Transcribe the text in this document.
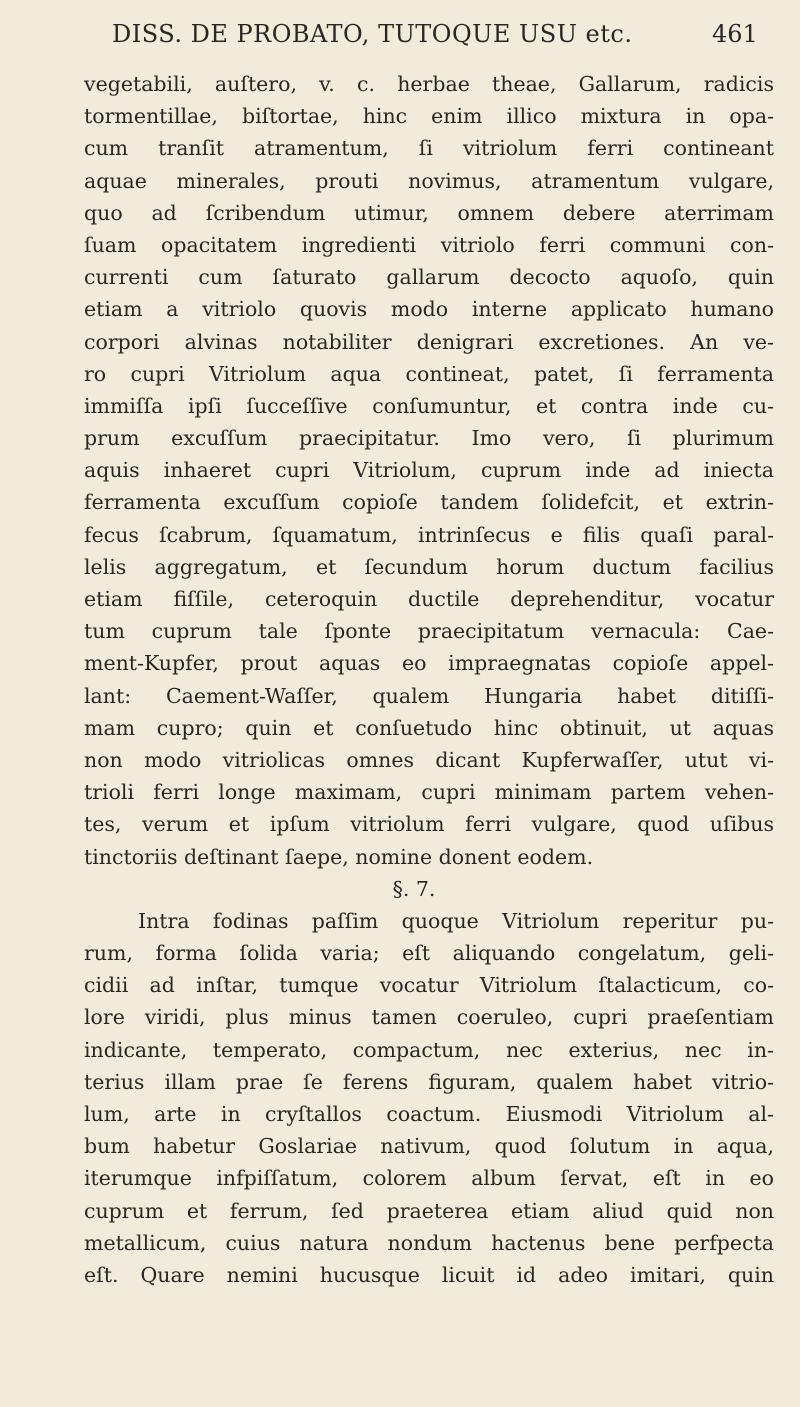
DISS. DE PROBATO, TUTOQUE USU etc.	461
vegetabili, auſtero, v. c. herbae theae, Gallarum, radicis
tormentillae, biſtortae, hinc enim illico mixtura in opa-
cum tranſit atramentum, ſi vitriolum ferri contineant
aquae minerales, prouti novimus, atramentum vulgare,
quo ad ſcribendum utimur, omnem debere aterrimam
ſuam opacitatem ingredienti vitriolo ferri communi con-
currenti cum ſaturato gallarum decocto aquoſo, quin
etiam a vitriolo quovis modo interne applicato humano
corpori alvinas notabiliter denigrari excretiones. An ve-
ro cupri Vitriolum aqua contineat, patet, ſi ferramenta
immiſſa ipſi ſucceſſive conſumuntur, et contra inde cu-
prum excuſſum praecipitatur. Imo vero, ſi plurimum
aquis inhaeret cupri Vitriolum, cuprum inde ad iniecta
ferramenta excuſſum copioſe tandem ſolidefcit, et extrin-
fecus ſcabrum, ſquamatum, intrinſecus e filis quaſi paral-
lelis aggregatum, et ſecundum horum ductum facilius
etiam fiſſile, ceteroquin ductile deprehenditur, vocatur
tum cuprum tale ſponte praecipitatum vernacula: Cae-
ment-Kupfer, prout aquas eo impraegnatas copioſe appel-
lant: Caement-Waſſer, qualem Hungaria habet ditiſſi-
mam cupro; quin et conſuetudo hinc obtinuit, ut aquas
non modo vitriolicas omnes dicant Kupferwaſſer, utut vi-
trioli ferri longe maximam, cupri minimam partem vehen-
tes, verum et ipſum vitriolum ferri vulgare, quod uſibus
tinctoriis deſtinant ſaepe, nomine donent eodem.
§. 7.
Intra fodinas paſſim quoque Vitriolum reperitur pu-
rum, forma ſolida varia; eſt aliquando congelatum, geli-
cidii ad inſtar, tumque vocatur Vitriolum ſtalacticum, co-
lore viridi, plus minus tamen coeruleo, cupri praeſentiam
indicante, temperato, compactum, nec exterius, nec in-
terius illam prae ſe ferens figuram, qualem habet vitrio-
lum, arte in cryſtallos coactum. Eiusmodi Vitriolum al-
bum habetur Goslariae nativum, quod ſolutum in aqua,
iterumque infpiſſatum, colorem album ſervat, eſt in eo
cuprum et ferrum, ſed praeterea etiam aliud quid non
metallicum, cuius natura nondum hactenus bene perfpecta
eſt. Quare nemini hucusque licuit id adeo imitari, quin
